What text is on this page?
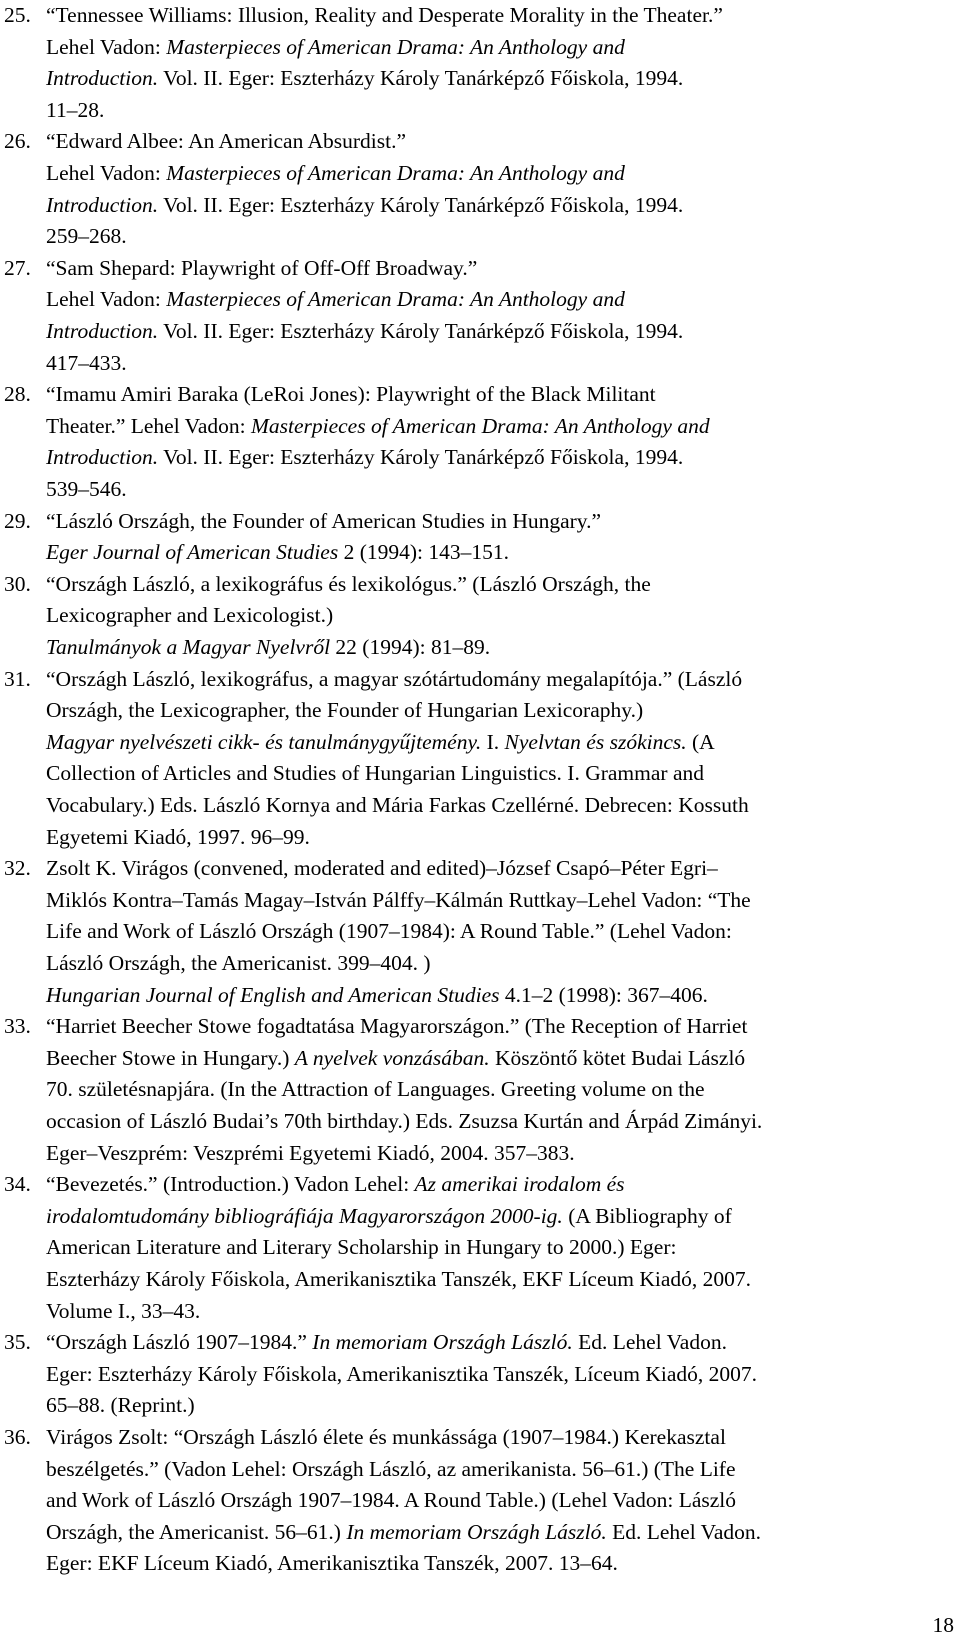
25. “Tennessee Williams: Illusion, Reality and Desperate Morality in the Theater.”
Lehel Vadon: Masterpieces of American Drama: An Anthology and
Introduction. Vol. II. Eger: Eszterházy Károly Tanárképző Főiskola, 1994.
11–28.
26. “Edward Albee: An American Absurdist.”
Lehel Vadon: Masterpieces of American Drama: An Anthology and
Introduction. Vol. II. Eger: Eszterházy Károly Tanárképző Főiskola, 1994.
259–268.
27. “Sam Shepard: Playwright of Off-Off Broadway.”
Lehel Vadon: Masterpieces of American Drama: An Anthology and
Introduction. Vol. II. Eger: Eszterházy Károly Tanárképző Főiskola, 1994.
417–433.
28. “Imamu Amiri Baraka (LeRoi Jones): Playwright of the Black Militant
Theater.” Lehel Vadon: Masterpieces of American Drama: An Anthology and
Introduction. Vol. II. Eger: Eszterházy Károly Tanárképző Főiskola, 1994.
539–546.
29. “László Országh, the Founder of American Studies in Hungary.”
Eger Journal of American Studies 2 (1994): 143–151.
30. “Országh László, a lexikográfus és lexikológus.” (László Országh, the
Lexicographer and Lexicologist.)
Tanulmányok a Magyar Nyelvről 22 (1994): 81–89.
31. “Országh László, lexikográfus, a magyar szótártudomány megalapítója.” (László
Országh, the Lexicographer, the Founder of Hungarian Lexicoraphy.)
Magyar nyelvészeti cikk- és tanulmánygyűjtemény. I. Nyelvtan és szókincs. (A
Collection of Articles and Studies of Hungarian Linguistics. I. Grammar and
Vocabulary.) Eds. László Kornya and Mária Farkas Czellérné. Debrecen: Kossuth
Egyetemi Kiadó, 1997. 96–99.
32. Zsolt K. Virágos (convened, moderated and edited)–József Csapó–Péter Egri–
Miklós Kontra–Tamás Magay–István Pálffy–Kálmán Ruttkay–Lehel Vadon: “The
Life and Work of László Országh (1907–1984): A Round Table.” (Lehel Vadon:
László Országh, the Americanist. 399–404. )
Hungarian Journal of English and American Studies 4.1–2 (1998): 367–406.
33. “Harriet Beecher Stowe fogadtatása Magyarországon.” (The Reception of Harriet
Beecher Stowe in Hungary.) A nyelvek vonzásában. Köszöntő kötet Budai László
70. születésnapjára. (In the Attraction of Languages. Greeting volume on the
occasion of László Budai’s 70th birthday.) Eds. Zsuzsa Kurtán and Árpád Zimányi.
Eger–Veszprém: Veszprémi Egyetemi Kiadó, 2004. 357–383.
34. “Bevezetés.” (Introduction.) Vadon Lehel: Az amerikai irodalom és
irodalomtudomány bibliográfiája Magyarországon 2000-ig. (A Bibliography of
American Literature and Literary Scholarship in Hungary to 2000.) Eger:
Eszterházy Károly Főiskola, Amerikanisztika Tanszék, EKF Líceum Kiadó, 2007.
Volume I., 33–43.
35. “Országh László 1907–1984.” In memoriam Országh László. Ed. Lehel Vadon.
Eger: Eszterházy Károly Főiskola, Amerikanisztika Tanszék, Líceum Kiadó, 2007.
65–88. (Reprint.)
36. Virágos Zsolt: “Országh László élete és munkássága (1907–1984.) Kerekasztal
beszélgetés.” (Vadon Lehel: Országh László, az amerikanista. 56–61.) (The Life
and Work of László Országh 1907–1984. A Round Table.) (Lehel Vadon: László
Országh, the Americanist. 56–61.) In memoriam Országh László. Ed. Lehel Vadon.
Eger: EKF Líceum Kiadó, Amerikanisztika Tanszék, 2007. 13–64.
18
